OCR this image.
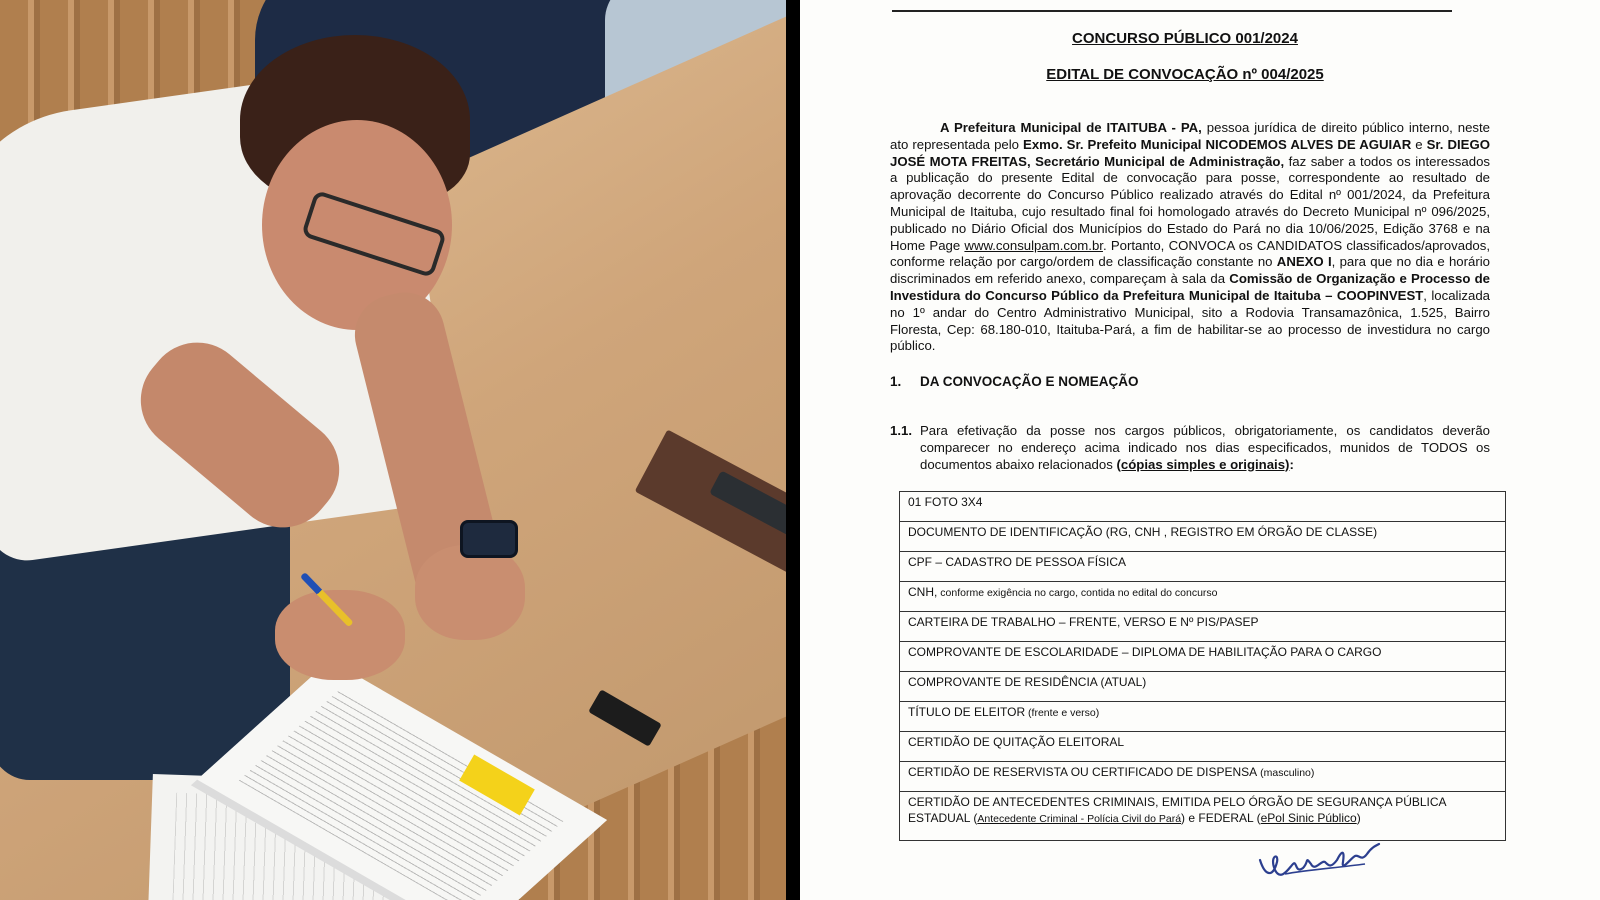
CONCURSO PÚBLICO 001/2024
EDITAL DE CONVOCAÇÃO nº 004/2025

A Prefeitura Municipal de ITAITUBA - PA, pessoa jurídica de direito público interno, neste ato representada pelo Exmo. Sr. Prefeito Municipal NICODEMOS ALVES DE AGUIAR e Sr. DIEGO JOSÉ MOTA FREITAS, Secretário Municipal de Administração, faz saber a todos os interessados a publicação do presente Edital de convocação para posse, correspondente ao resultado de aprovação decorrente do Concurso Público realizado através do Edital nº 001/2024, da Prefeitura Municipal de Itaituba, cujo resultado final foi homologado através do Decreto Municipal nº 096/2025, publicado no Diário Oficial dos Municípios do Estado do Pará no dia 10/06/2025, Edição 3768 e na Home Page www.consulpam.com.br. Portanto, CONVOCA os CANDIDATOS classificados/aprovados, conforme relação por cargo/ordem de classificação constante no ANEXO I, para que no dia e horário discriminados em referido anexo, compareçam à sala da Comissão de Organização e Processo de Investidura do Concurso Público da Prefeitura Municipal de Itaituba – COOPINVEST, localizada no 1º andar do Centro Administrativo Municipal, sito a Rodovia Transamazônica, 1.525, Bairro Floresta, Cep: 68.180-010, Itaituba-Pará, a fim de habilitar-se ao processo de investidura no cargo público.

1. DA CONVOCAÇÃO E NOMEAÇÃO
1.1. Para efetivação da posse nos cargos públicos, obrigatoriamente, os candidatos deverão comparecer no endereço acima indicado nos dias especificados, munidos de TODOS os documentos abaixo relacionados (cópias simples e originais):
01 FOTO 3X4
DOCUMENTO DE IDENTIFICAÇÃO (RG, CNH , REGISTRO EM ÓRGÃO DE CLASSE)
CPF – CADASTRO DE PESSOA FÍSICA
CNH, conforme exigência no cargo, contida no edital do concurso
CARTEIRA DE TRABALHO – FRENTE, VERSO E Nº PIS/PASEP
COMPROVANTE DE ESCOLARIDADE – DIPLOMA DE HABILITAÇÃO PARA O CARGO
COMPROVANTE DE RESIDÊNCIA (ATUAL)
TÍTULO DE ELEITOR (frente e verso)
CERTIDÃO DE QUITAÇÃO ELEITORAL
CERTIDÃO DE RESERVISTA OU CERTIFICADO DE DISPENSA (masculino)
CERTIDÃO DE ANTECEDENTES CRIMINAIS, EMITIDA PELO ÓRGÃO DE SEGURANÇA PÚBLICA ESTADUAL (Antecedente Criminal - Polícia Civil do Pará) e FEDERAL (ePol Sinic Público)
